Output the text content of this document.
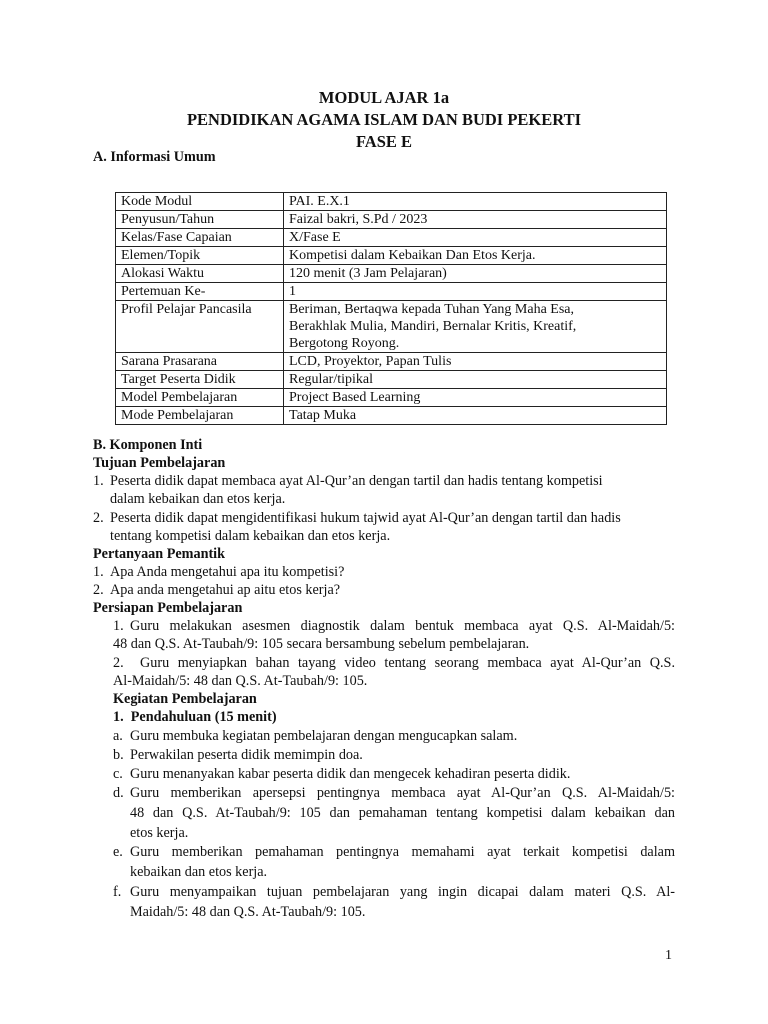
MODUL AJAR 1a
PENDIDIKAN AGAMA ISLAM DAN BUDI PEKERTI
FASE E
A. Informasi Umum
Kode Modul	PAI. E.X.1
Penyusun/Tahun	Faizal bakri, S.Pd / 2023
Kelas/Fase Capaian	X/Fase E
Elemen/Topik	Kompetisi dalam Kebaikan Dan Etos Kerja.
Alokasi Waktu	120 menit (3 Jam Pelajaran)
Pertemuan Ke-	1
Profil Pelajar Pancasila	Beriman, Bertaqwa kepada Tuhan Yang Maha Esa,
Berakhlak Mulia, Mandiri, Bernalar Kritis, Kreatif,
Bergotong Royong.

Sarana Prasarana	LCD, Proyektor, Papan Tulis
Target Peserta Didik	Regular/tipikal
Model Pembelajaran	Project Based Learning
Mode Pembelajaran	Tatap Muka
B. Komponen Inti
Tujuan Pembelajaran
1. Peserta didik dapat membaca ayat Al-Qur’an dengan tartil dan hadis tentang kompetisi
dalam kebaikan dan etos kerja.
2. Peserta didik dapat mengidentifikasi hukum tajwid ayat Al-Qur’an dengan tartil dan hadis
tentang kompetisi dalam kebaikan dan etos kerja.
Pertanyaan Pemantik
1. Apa Anda mengetahui apa itu kompetisi?
2. Apa anda mengetahui ap aitu etos kerja?
Persiapan Pembelajaran
1. Guru melakukan asesmen diagnostik dalam bentuk membaca ayat Q.S. Al-Maidah/5:
48 dan Q.S. At-Taubah/9: 105 secara bersambung sebelum pembelajaran.
2. Guru menyiapkan bahan tayang video tentang seorang membaca ayat Al-Qur’an Q.S.
Al-Maidah/5: 48 dan Q.S. At-Taubah/9: 105.
Kegiatan Pembelajaran
1.  Pendahuluan (15 menit)
a. Guru membuka kegiatan pembelajaran dengan mengucapkan salam.
b. Perwakilan peserta didik memimpin doa.
c. Guru menanyakan kabar peserta didik dan mengecek kehadiran peserta didik.
d. Guru memberikan apersepsi pentingnya membaca ayat Al-Qur’an Q.S. Al-Maidah/5:
48 dan Q.S. At-Taubah/9: 105 dan pemahaman tentang kompetisi dalam kebaikan dan
etos kerja.
e. Guru memberikan pemahaman pentingnya memahami ayat terkait kompetisi dalam
kebaikan dan etos kerja.
f. Guru menyampaikan tujuan pembelajaran yang ingin dicapai dalam materi Q.S. Al-
Maidah/5: 48 dan Q.S. At-Taubah/9: 105.
1
